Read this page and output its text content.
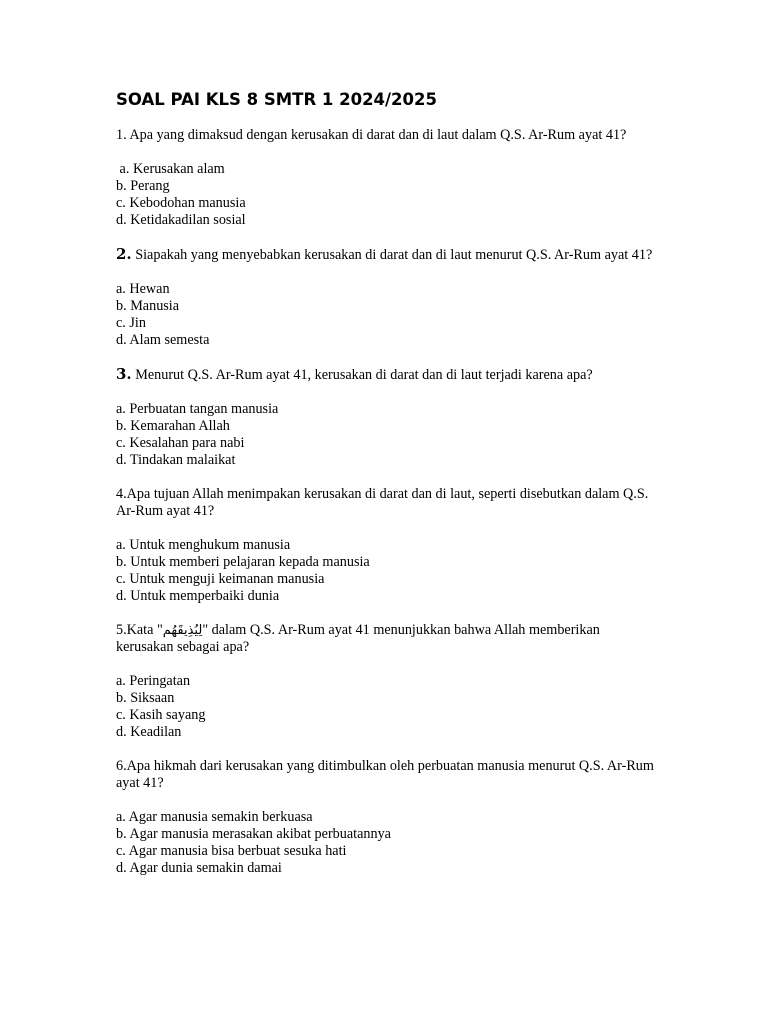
SOAL PAI KLS 8 SMTR 1 2024/2025
1. Apa yang dimaksud dengan kerusakan di darat dan di laut dalam Q.S. Ar-Rum ayat 41?
a. Kerusakan alam
b. Perang
c. Kebodohan manusia
d. Ketidakadilan sosial
2. Siapakah yang menyebabkan kerusakan di darat dan di laut menurut Q.S. Ar-Rum ayat 41?
a. Hewan
b. Manusia
c. Jin
d. Alam semesta
3. Menurut Q.S. Ar-Rum ayat 41, kerusakan di darat dan di laut terjadi karena apa?
a. Perbuatan tangan manusia
b. Kemarahan Allah
c. Kesalahan para nabi
d. Tindakan malaikat
4.Apa tujuan Allah menimpakan kerusakan di darat dan di laut, seperti disebutkan dalam Q.S. Ar-Rum ayat 41?
a. Untuk menghukum manusia
b. Untuk memberi pelajaran kepada manusia
c. Untuk menguji keimanan manusia
d. Untuk memperbaiki dunia
5.Kata "لِيُذِيقَهُم" dalam Q.S. Ar-Rum ayat 41 menunjukkan bahwa Allah memberikan kerusakan sebagai apa?
a. Peringatan
b. Siksaan
c. Kasih sayang
d. Keadilan
6.Apa hikmah dari kerusakan yang ditimbulkan oleh perbuatan manusia menurut Q.S. Ar-Rum ayat 41?
a. Agar manusia semakin berkuasa
b. Agar manusia merasakan akibat perbuatannya
c. Agar manusia bisa berbuat sesuka hati
d. Agar dunia semakin damai
